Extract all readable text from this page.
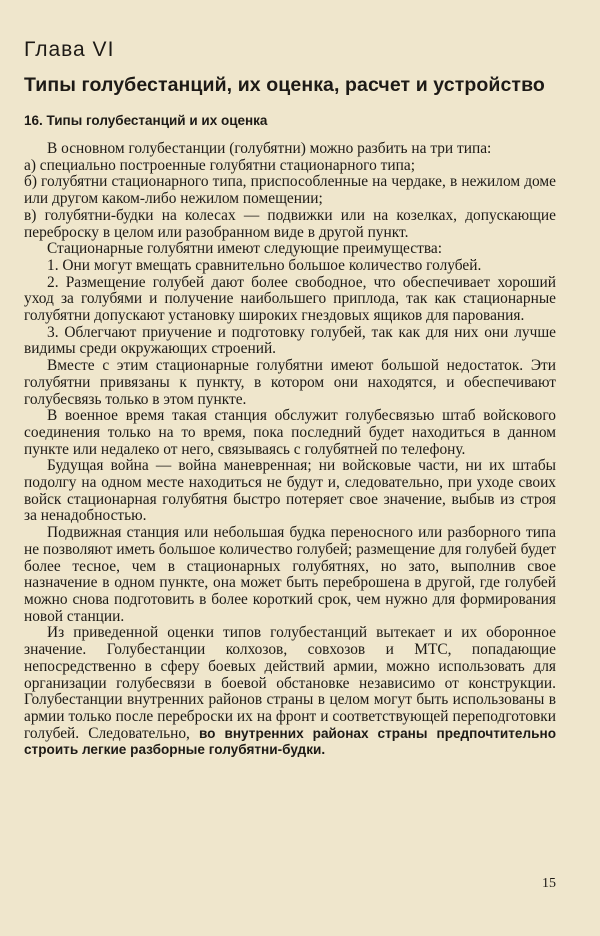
Глава VI
Типы голубестанций, их оценка, расчет и устройство
16. Типы голубестанций и их оценка

В основном голубестанции (голубятни) можно разбить на три типа:

а) специально построенные голубятни стационарного типа;

б) голубятни стационарного типа, приспособленные на чердаке, в нежилом доме или другом каком-либо нежилом помещении;

в) голубятни-будки на колесах — подвижки или на козелках, допускающие переброску в целом или разобранном виде в другой пункт.

Стационарные голубятни имеют следующие преимущества:

1. Они могут вмещать сравнительно большое количество голубей.

2. Размещение голубей дают более свободное, что обеспечивает хороший уход за голубями и получение наибольшего приплода, так как стационарные голубятни допускают установку широких гнездовых ящиков для парования.

3. Облегчают приучение и подготовку голубей, так как для них они лучше видимы среди окружающих строений.

Вместе с этим стационарные голубятни имеют большой недостаток. Эти голубятни привязаны к пункту, в котором они находятся, и обеспечивают голубесвязь только в этом пункте.

В военное время такая станция обслужит голубесвязью штаб войскового соединения только на то время, пока последний будет находиться в данном пункте или недалеко от него, связываясь с голубятней по телефону.

Будущая война — война маневренная; ни войсковые части, ни их штабы подолгу на одном месте находиться не будут и, следовательно, при уходе своих войск стационарная голубятня быстро потеряет свое значение, выбыв из строя за ненадобностью.

Подвижная станция или небольшая будка переносного или разборного типа не позволяют иметь большое количество голубей; размещение для голубей будет более тесное, чем в стационарных голубятнях, но зато, выполнив свое назначение в одном пункте, она может быть переброшена в другой, где голубей можно снова подготовить в более короткий срок, чем нужно для формирования новой станции.

Из приведенной оценки типов голубестанций вытекает и их оборонное значение. Голубестанции колхозов, совхозов и МТС, попадающие непосредственно в сферу боевых действий армии, можно использовать для организации голубесвязи в боевой обстановке независимо от конструкции. Голубестанции внутренних районов страны в целом могут быть использованы в армии только после переброски их на фронт и соответствующей переподготовки голубей. Следовательно, во внутренних районах страны предпочтительно строить легкие разборные голубятни-будки.

15
